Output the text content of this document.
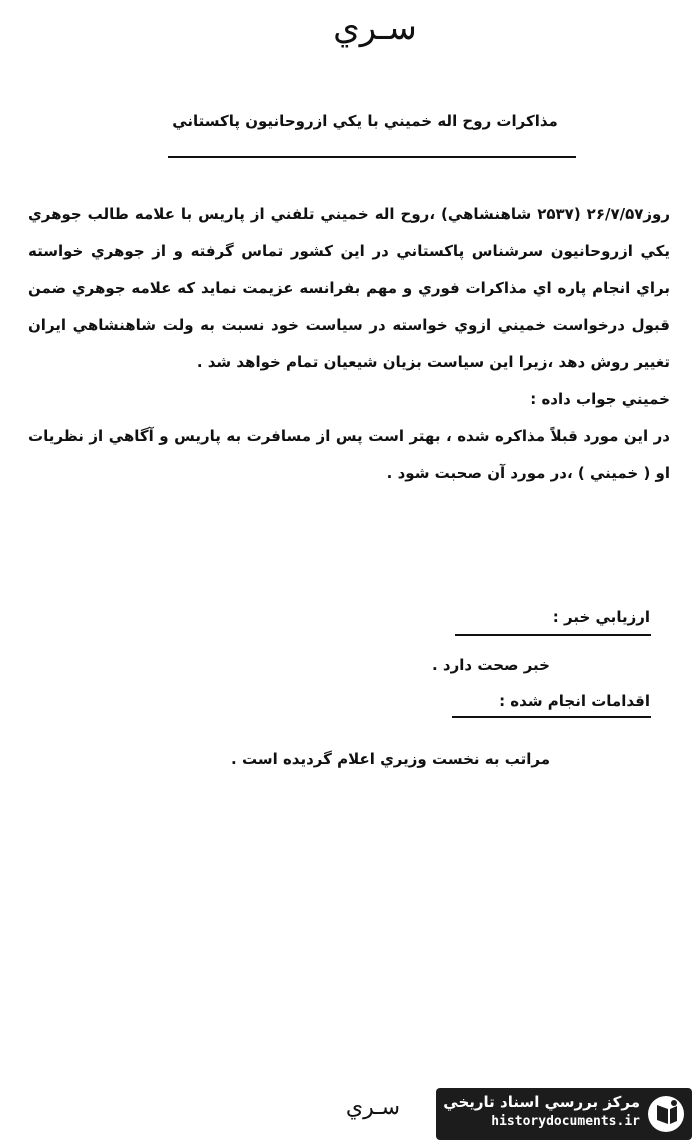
سـري
مذاكرات روح اله خميني با يكي ازروحانيون پاكستاني

روز۲۶/۷/۵۷ (۲۵۳۷ شاهنشاهي) ،روح اله خميني تلفني از پاريس با علامه طالب جوهري يكي ازروحانيون سرشناس پاكستاني در اين كشور تماس گرفته و از جوهري خواسته براي انجام پاره اي مذاكرات فوري و مهم بفرانسه عزيمت نمايد كه علامه جوهري ضمن قبول درخواست خميني ازوي خواسته در سياست خود نسبت به ولت شاهنشاهي ايران تغيير روش دهد ،زيرا اين سياست بزيان شيعيان تمام خواهد شد .

خميني جواب داده :

در اين مورد قبلاً مذاكره شده ، بهتر است پس از مسافرت به پاريس و آگاهي از نظريات او ( خميني ) ،در مورد آن صحبت شود .

ارزيابي خبر :
خبر صحت دارد .
اقدامات انجام شده :
مراتب به نخست وزيري اعلام گرديده است .
سـري	مركز بررسي اسناد تاريخي
historydocuments.ir
